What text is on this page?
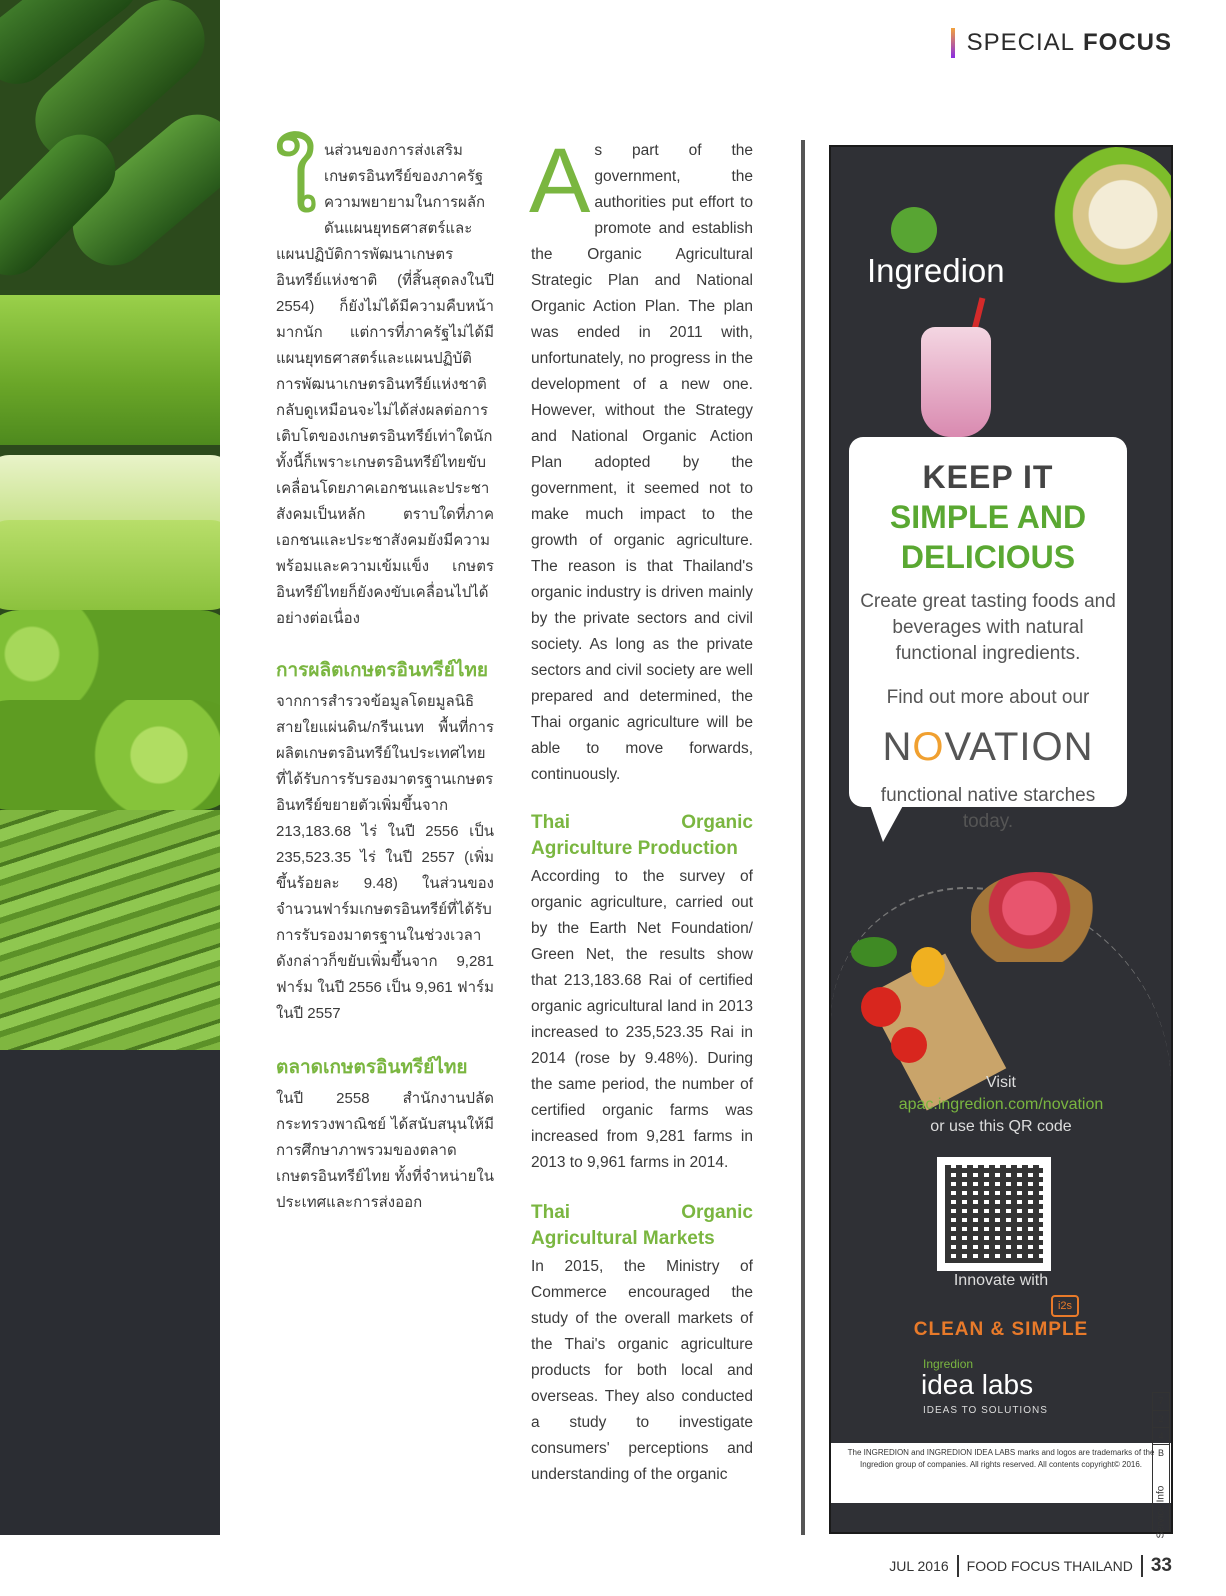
SPECIAL FOCUS
ใ นส่วนของการส่งเสริมเกษตรอินทรีย์ของภาครัฐ ความพยายามในการผลักดันแผนยุทธศาสตร์และแผนปฏิบัติการพัฒนาเกษตรอินทรีย์แห่งชาติ (ที่สิ้นสุดลงในปี 2554) ก็ยังไม่ได้มีความคืบหน้ามากนัก แต่การที่ภาครัฐไม่ได้มีแผนยุทธศาสตร์และแผนปฏิบัติการพัฒนาเกษตรอินทรีย์แห่งชาติกลับดูเหมือนจะไม่ได้ส่งผลต่อการเติบโตของเกษตรอินทรีย์เท่าใดนัก ทั้งนี้ก็เพราะเกษตรอินทรีย์ไทยขับเคลื่อนโดยภาคเอกชนและประชาสังคมเป็นหลัก ตราบใดที่ภาคเอกชนและประชาสังคมยังมีความพร้อมและความเข้มแข็ง เกษตรอินทรีย์ไทยก็ยังคงขับเคลื่อนไปได้อย่างต่อเนื่อง

การผลิตเกษตรอินทรีย์ไทย

จากการสำรวจข้อมูลโดยมูลนิธิสายใยแผ่นดิน/กรีนเนท พื้นที่การผลิตเกษตรอินทรีย์ในประเทศไทยที่ได้รับการรับรองมาตรฐานเกษตรอินทรีย์ขยายตัวเพิ่มขึ้นจาก 213,183.68 ไร่ ในปี 2556 เป็น 235,523.35 ไร่ ในปี 2557 (เพิ่มขึ้นร้อยละ 9.48) ในส่วนของจำนวนฟาร์มเกษตรอินทรีย์ที่ได้รับการรับรองมาตรฐานในช่วงเวลาดังกล่าวก็ขยับเพิ่มขึ้นจาก 9,281 ฟาร์ม ในปี 2556 เป็น 9,961 ฟาร์ม ในปี 2557

ตลาดเกษตรอินทรีย์ไทย

ในปี 2558 สำนักงานปลัดกระทรวงพาณิชย์ ได้สนับสนุนให้มีการศึกษาภาพรวมของตลาดเกษตรอินทรีย์ไทย ทั้งที่จำหน่ายในประเทศและการส่งออก

A s part of the government, the authorities put effort to promote and establish the Organic Agricultural Strategic Plan and National Organic Action Plan. The plan was ended in 2011 with, unfortunately, no progress in the development of a new one. However, without the Strategy and National Organic Action Plan adopted by the government, it seemed not to make much impact to the growth of organic agriculture. The reason is that Thailand's organic industry is driven mainly by the private sectors and civil society. As long as the private sectors and civil society are well prepared and determined, the Thai organic agriculture will be able to move forwards, continuously.

Thai Organic Agriculture Production

According to the survey of organic agriculture, carried out by the Earth Net Foundation/ Green Net, the results show that 213,183.68 Rai of certified organic agricultural land in 2013 increased to 235,523.35 Rai in 2014 (rose by 9.48%). During the same period, the number of certified organic farms was increased from 9,281 farms in 2013 to 9,961 farms in 2014.

Thai Organic Agricultural Markets

In 2015, the Ministry of Commerce encouraged the study of the overall markets of the Thai's organic agriculture products for both local and overseas. They also conducted a study to investigate consumers' perceptions and understanding of the organic

Ingredion
KEEP IT
SIMPLE AND DELICIOUS
Create great tasting foods and beverages with natural functional ingredients.
Find out more about our
NOVATION
functional native starches today.
Visit
apac.ingredion.com/novation
or use this QR code
Innovate with
i2s
CLEAN & SIMPLE
Ingredion
idea labs
IDEAS TO SOLUTIONS
The INGREDION and INGREDION IDEA LABS marks and logos are trademarks of the Ingredion group of companies. All rights reserved. All contents copyright© 2016.
7
2
4
B
Service Info
JUL 2016 FOOD FOCUS THAILAND 33
